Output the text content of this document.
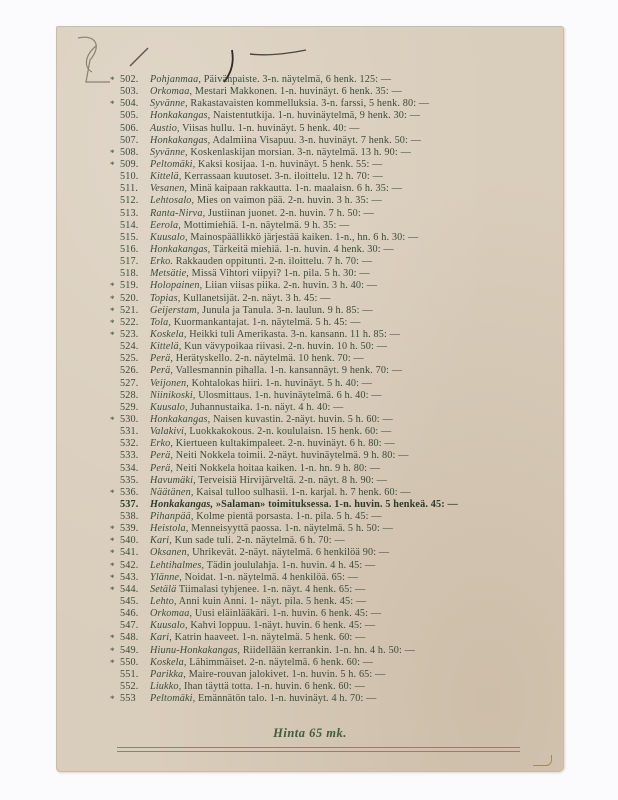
* 502. Pohjanmaa, Päivänpaiste. 3-n. näytelmä, 6 henk. 125: —
503. Orkomaa, Mestari Makkonen. 1-n. huvinäyt. 6 henk. 35: —
* 504. Syvänne, Rakastavaisten kommelluksia. 3-n. farssi, 5 henk. 80: —
505. Honkakangas, Naistentutkija. 1-n. huvinäytelmä, 9 henk. 30: —
506. Austio, Viisas hullu. 1-n. huvinäyt. 5 henk. 40: —
507. Honkakangas, Adalmiina Visapuu. 3-n. huvinäyt. 7 henk. 50: —
* 508. Syvänne, Koskenlaskijan morsian. 3-n. näytelmä. 13 h. 90: —
* 509. Peltomäki, Kaksi kosijaa. 1-n. huvinäyt. 5 henk. 55: —
510. Kittelä, Kerrassaan kuutoset. 3-n. iloittelu. 12 h. 70: —
511. Vesanen, Minä kaipaan rakkautta. 1-n. maalaisn. 6 h. 35: —
512. Lehtosalo, Mies on vaimon pää. 2-n. huvin. 3 h. 35: —
513. Ranta-Nirva, Justiinan juonet. 2-n. huvin. 7 h. 50: —
514. Eerola, Mottimiehiä. 1-n. näytelmä. 9 h. 35: —
515. Kuusalo, Mainospäällikkö järjestää kaiken. 1-n., hn. 6 h. 30: —
516. Honkakangas, Tärkeitä miehiä. 1-n. huvin. 4 henk. 30: —
517. Erko. Rakkauden oppitunti. 2-n. iloittelu. 7 h. 70: —
518. Metsätie, Missä Vihtori viipyi? 1-n. pila. 5 h. 30: —
* 519. Holopainen, Liian viisas piika. 2-n. huvin. 3 h. 40: —
* 520. Topias, Kullanetsijät. 2-n. näyt. 3 h. 45: —
* 521. Geijerstam, Junula ja Tanula. 3-n. laulun. 9 h. 85: —
* 522. Tola, Kuormankantajat. 1-n. näytelmä. 5 h. 45: —
* 523. Koskela, Heikki tuli Amerikasta. 3-n. kansann. 11 h. 85: —
524. Kittelä, Kun vävypoikaa riivasi. 2-n. huvin. 10 h. 50: —
525. Perä, Herätyskello. 2-n. näytelmä. 10 henk. 70: —
526. Perä, Vallesmannin pihalla. 1-n. kansannäyt. 9 henk. 70: —
527. Veijonen, Kohtalokas hiiri. 1-n. huvinäyt. 5 h. 40: —
528. Niinikoski, Ulosmittaus. 1-n. huvinäytelmä. 6 h. 40: —
529. Kuusalo, Juhannustaika. 1-n. näyt. 4 h. 40: —
* 530. Honkakangas, Naisen kuvastin. 2-näyt. huvin. 5 h. 60: —
531. Valakivi, Luokkakokous. 2-n. koululaisn. 15 henk. 60: —
532. Erko, Kiertueen kultakimpaleet. 2-n. huvinäyt. 6 h. 80: —
533. Perä, Neiti Nokkela toimii. 2-näyt. huvinäytelmä. 9 h. 80: —
534. Perä, Neiti Nokkela hoitaa kaiken. 1-n. hn. 9 h. 80: —
535. Havumäki, Terveisiä Hirvijärveltä. 2-n. näyt. 8 h. 90: —
* 536. Näätänen, Kaisal tulloo sulhasii. 1-n. karjal. h. 7 henk. 60: —
537. Honkakangas, »Salaman» toimituksessa. 1-n. huvin. 5 henkeä. 45: —
538. Pihanpää, Kolme pientä porsasta. 1-n. pila. 5 h. 45: —
* 539. Heistola, Menneisyyttä paossa. 1-n. näytelmä. 5 h. 50: —
* 540. Kari, Kun sade tuli. 2-n. näytelmä. 6 h. 70: —
* 541. Oksanen, Uhrikevät. 2-näyt. näytelmä. 6 henkilöä 90: —
* 542. Lehtihalmes, Tädin joululahja. 1-n. huvin. 4 h. 45: —
* 543. Ylänne, Noidat. 1-n. näytelmä. 4 henkilöä. 65: —
* 544. Setälä Tiimalasi tyhjenee. 1-n. näyt. 4 henk. 65: —
545. Lehto, Anni kuin Anni. 1- näyt. pila. 5 henk. 45: —
546. Orkomaa, Uusi eläinlääkäri. 1-n. huvin. 6 henk. 45: —
547. Kuusalo, Kahvi loppuu. 1-näyt. huvin. 6 henk. 45: —
* 548. Kari, Katrin haaveet. 1-n. näytelmä. 5 henk. 60: —
* 549. Hiunu-Honkakangas, Riidellään kerrankin. 1-n. hn. 4 h. 50: —
* 550. Koskela, Lähimmäiset. 2-n. näytelmä. 6 henk. 60: —
551. Parikka, Maire-rouvan jalokivet. 1-n. huvin. 5 h. 65: —
552. Liukko, Ihan täyttä totta. 1-n. huvin. 6 henk. 60: —
* 553 Peltomäki, Emännätön talo. 1-n. huvinäyt. 4 h. 70: —
Hinta 65 mk.
